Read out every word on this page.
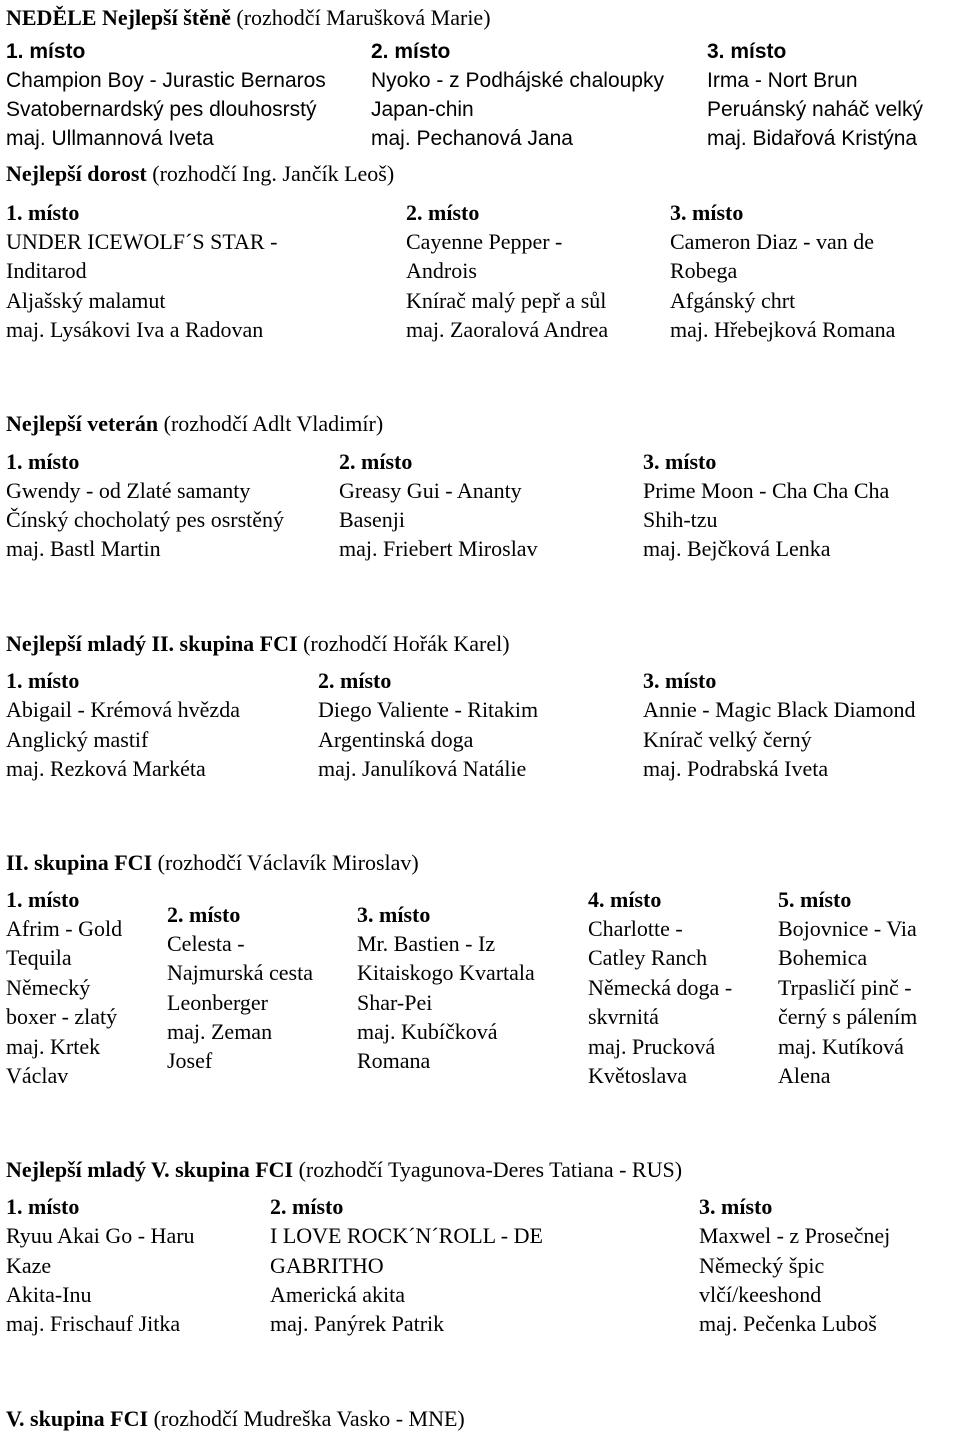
NEDĚLE Nejlepší štěně (rozhodčí Marušková Marie)
1. místo
Champion Boy - Jurastic Bernaros
Svatobernardský pes dlouhosrstý
maj. Ullmannová Iveta
2. místo
Nyoko - z Podhájské chaloupky
Japan-chin
maj. Pechanová Jana
3. místo
Irma - Nort Brun
Peruánský naháč velký
maj. Bidařová Kristýna
Nejlepší dorost (rozhodčí Ing. Jančík Leoš)
1. místo
UNDER ICEWOLF´S STAR -
Inditarod
Aljašský malamut
maj. Lysákovi Iva a Radovan
2. místo
Cayenne Pepper -
Androis
Knírač malý pepř a sůl
maj. Zaoralová Andrea
3. místo
Cameron Diaz - van de
Robega
Afgánský chrt
maj. Hřebejková Romana
Nejlepší veterán (rozhodčí Adlt Vladimír)
1. místo
Gwendy - od Zlaté samanty
Čínský chocholatý pes osrstěný
maj. Bastl Martin
2. místo
Greasy Gui - Ananty
Basenji
maj. Friebert Miroslav
3. místo
Prime Moon - Cha Cha Cha
Shih-tzu
maj. Bejčková Lenka
Nejlepší mladý II. skupina FCI (rozhodčí Hořák Karel)
1. místo
Abigail - Krémová hvězda
Anglický mastif
maj. Rezková Markéta
2. místo
Diego Valiente - Ritakim
Argentinská doga
maj. Janulíková Natálie
3. místo
Annie - Magic Black Diamond
Knírač velký černý
maj. Podrabská Iveta
II. skupina FCI (rozhodčí Václavík Miroslav)
1. místo
Afrim - Gold
Tequila
Německý
boxer - zlatý
maj. Krtek
Václav
2. místo
Celesta -
Najmurská cesta
Leonberger
maj. Zeman
Josef
3. místo
Mr. Bastien - Iz
Kitaiskogo Kvartala
Shar-Pei
maj. Kubíčková
Romana
4. místo
Charlotte -
Catley Ranch
Německá doga -
skvrnitá
maj. Prucková
Květoslava
5. místo
Bojovnice - Via
Bohemica
Trpasličí pinč -
černý s pálením
maj. Kutíková
Alena
Nejlepší mladý V. skupina FCI (rozhodčí Tyagunova-Deres Tatiana - RUS)
1. místo
Ryuu Akai Go - Haru
Kaze
Akita-Inu
maj. Frischauf Jitka
2. místo
I LOVE ROCK´N´ROLL - DE
GABRITHO
Americká akita
maj. Panýrek Patrik
3. místo
Maxwel - z Prosečnej
Německý špic
vlčí/keeshond
maj. Pečenka Luboš
V. skupina FCI (rozhodčí Mudreška Vasko - MNE)
